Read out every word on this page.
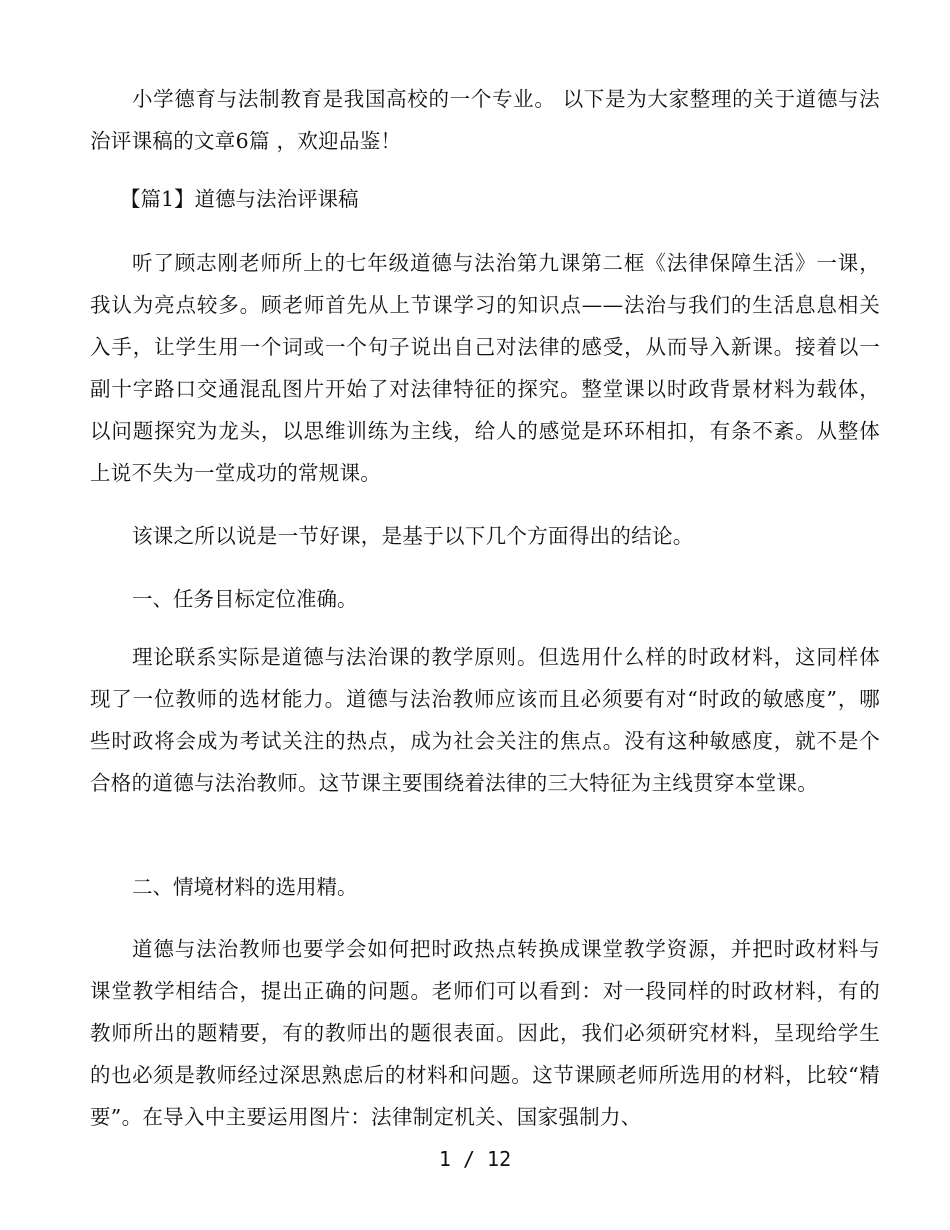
小学德育与法制教育是我国高校的一个专业。 以下是为大家整理的关于道德与法治评课稿的文章6篇 ，欢迎品鉴！

【篇1】道德与法治评课稿

听了顾志刚老师所上的七年级道德与法治第九课第二框《法律保障生活》一课，我认为亮点较多。顾老师首先从上节课学习的知识点——法治与我们的生活息息相关入手，让学生用一个词或一个句子说出自己对法律的感受，从而导入新课。接着以一副十字路口交通混乱图片开始了对法律特征的探究。整堂课以时政背景材料为载体，以问题探究为龙头，以思维训练为主线，给人的感觉是环环相扣，有条不紊。从整体上说不失为一堂成功的常规课。

该课之所以说是一节好课，是基于以下几个方面得出的结论。

一、任务目标定位准确。

理论联系实际是道德与法治课的教学原则。但选用什么样的时政材料，这同样体现了一位教师的选材能力。道德与法治教师应该而且必须要有对“时政的敏感度”，哪些时政将会成为考试关注的热点，成为社会关注的焦点。没有这种敏感度，就不是个合格的道德与法治教师。这节课主要围绕着法律的三大特征为主线贯穿本堂课。

二、情境材料的选用精。

道德与法治教师也要学会如何把时政热点转换成课堂教学资源，并把时政材料与课堂教学相结合，提出正确的问题。老师们可以看到：对一段同样的时政材料，有的教师所出的题精要，有的教师出的题很表面。因此，我们必须研究材料，呈现给学生的也必须是教师经过深思熟虑后的材料和问题。这节课顾老师所选用的材料，比较“精要”。在导入中主要运用图片：法律制定机关、国家强制力、

1 / 12
